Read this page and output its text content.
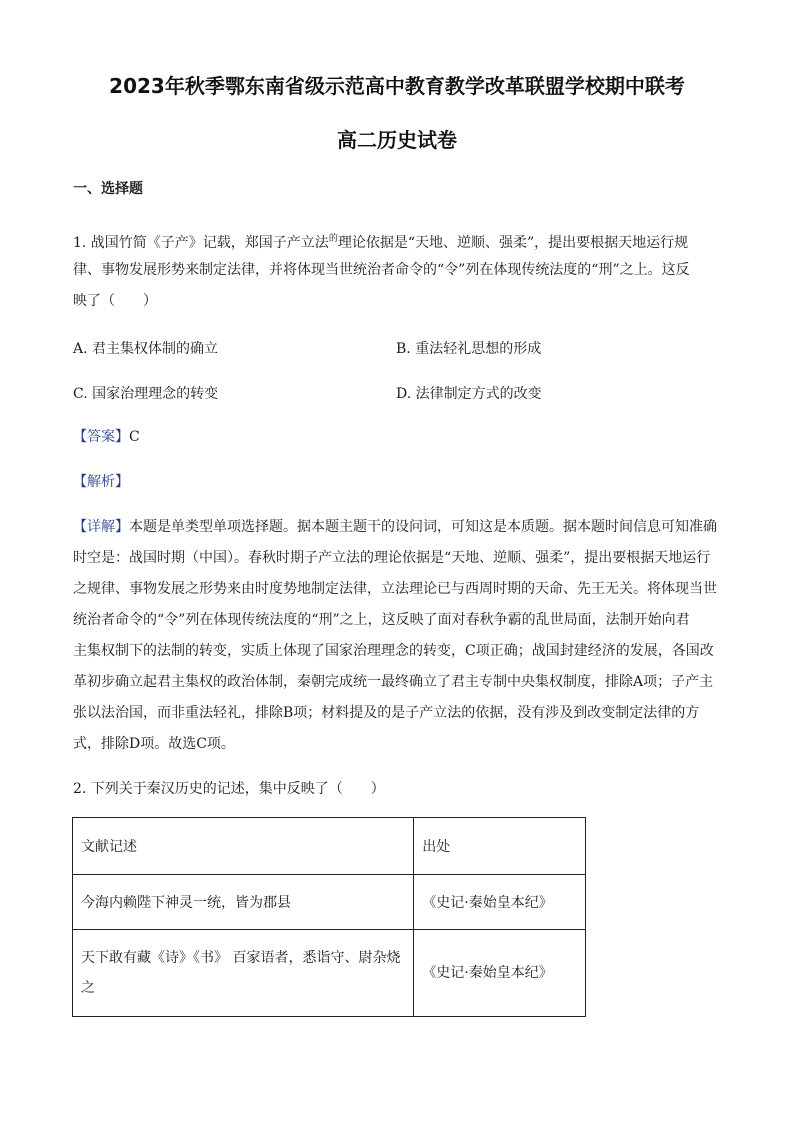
2023年秋季鄂东南省级示范高中教育教学改革联盟学校期中联考
高二历史试卷
一、选择题
1. 战国竹简《子产》记载，郑国子产立法$^的$理论依据是“天地、逆顺、强柔”，提出要根据天地运行规
律、事物发展形势来制定法律，并将体现当世统治者命令的“令”列在体现传统法度的“刑”之上。这反
映了（　　）
A. 君主集权体制的确立	B. 重法轻礼思想的形成
C. 国家治理理念的转变	D. 法律制定方式的改变
【答案】C
【解析】
【详解】本题是单类型单项选择题。据本题主题干的设问词，可知这是本质题。据本题时间信息可知准确
时空是：战国时期（中国）。春秋时期子产立法的理论依据是“天地、逆顺、强柔”，提出要根据天地运行
之规律、事物发展之形势来由时度势地制定法律，立法理论已与西周时期的天命、先王无关。将体现当世
统治者命令的“令”列在体现传统法度的“刑”之上，这反映了面对春秋争霸的乱世局面，法制开始向君
主集权制下的法制的转变，实质上体现了国家治理理念的转变，C项正确；战国封建经济的发展，各国改
革初步确立起君主集权的政治体制，秦朝完成统一最终确立了君主专制中央集权制度，排除A项；子产主
张以法治国，而非重法轻礼，排除B项；材料提及的是子产立法的依据，没有涉及到改变制定法律的方
式，排除D项。故选C项。
2. 下列关于秦汉历史的记述，集中反映了（　　）
文献记述	出处
今海内赖陛下神灵一统，皆为郡县	《史记·秦始皇本纪》

天下敢有藏《诗》《书》 百家语者，悉诣守、尉杂烧
之	《史记·秦始皇本纪》
